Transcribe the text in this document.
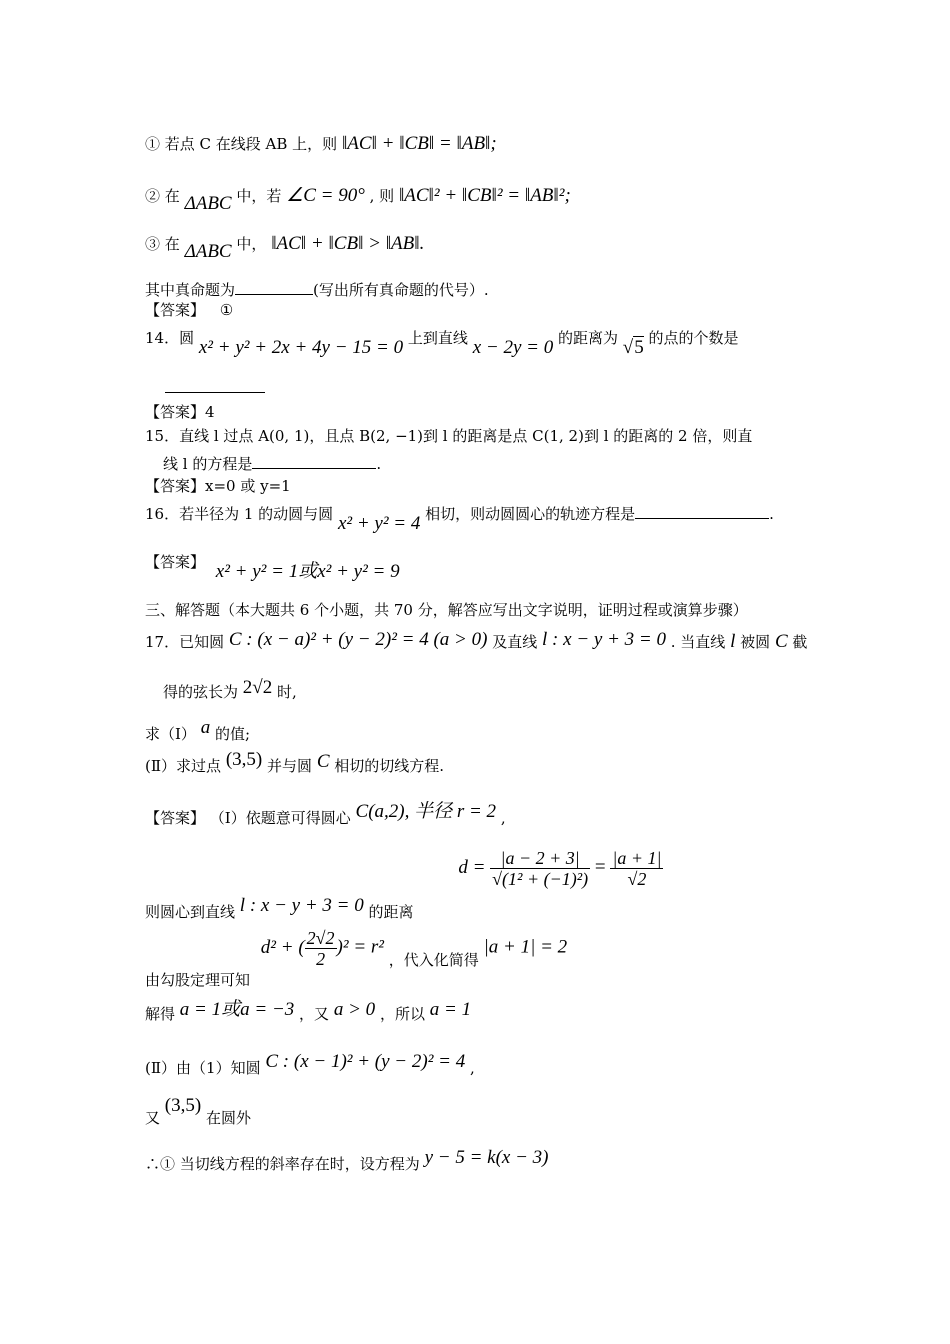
① 若点 C 在线段 AB 上，则 ‖AC‖ + ‖CB‖ = ‖AB‖;
② 在 ΔABC 中，若 ∠C = 90° , 则 ‖AC‖² + ‖CB‖² = ‖AB‖²;
③ 在 ΔABC 中， ‖AC‖ + ‖CB‖ > ‖AB‖.
其中真命题为	(写出所有真命题的代号）.
【答案】 ①
14．圆 x² + y² + 2x + 4y − 15 = 0 上到直线 x − 2y = 0 的距离为 √5 的点的个数是
【答案】4
15．直线 l 过点 A(0, 1)，且点 B(2, −1)到 l 的距离是点 C(1, 2)到 l 的距离的 2 倍，则直
线 l 的方程是	.
【答案】x=0 或 y=1
16．若半径为 1 的动圆与圆 x² + y² = 4 相切，则动圆圆心的轨迹方程是	.
【答案】 x² + y² = 1或x² + y² = 9
三、解答题（本大题共 6 个小题，共 70 分，解答应写出文字说明，证明过程或演算步骤）
17．已知圆 C : (x − a)² + (y − 2)² = 4 (a > 0) 及直线 l : x − y + 3 = 0 . 当直线 l 被圆 C 截
得的弦长为 2√2 时,
求（Ⅰ） a 的值;
(Ⅱ）求过点 (3,5) 并与圆 C 相切的切线方程.
【答案】 （Ⅰ）依题意可得圆心 C(a,2), 半径 r = 2 ,
则圆心到直线 l : x − y + 3 = 0 的距离 $d = \frac{|a - 2 + 3|}{\text{√(1² + (−1)²)}} = \frac{|a + 1|}{√2}$
由勾股定理可知 d² + ( $\frac{2√2}{2} )^2 = r^2$ ，代入化简得 |a + 1| = 2
解得 a = 1或a = −3 ，又 a > 0 ，所以 a = 1
(Ⅱ）由（1）知圆 C : (x − 1)² + (y − 2)² = 4 ,
又 (3,5) 在圆外
∴① 当切线方程的斜率存在时，设方程为 y − 5 = k(x − 3)
